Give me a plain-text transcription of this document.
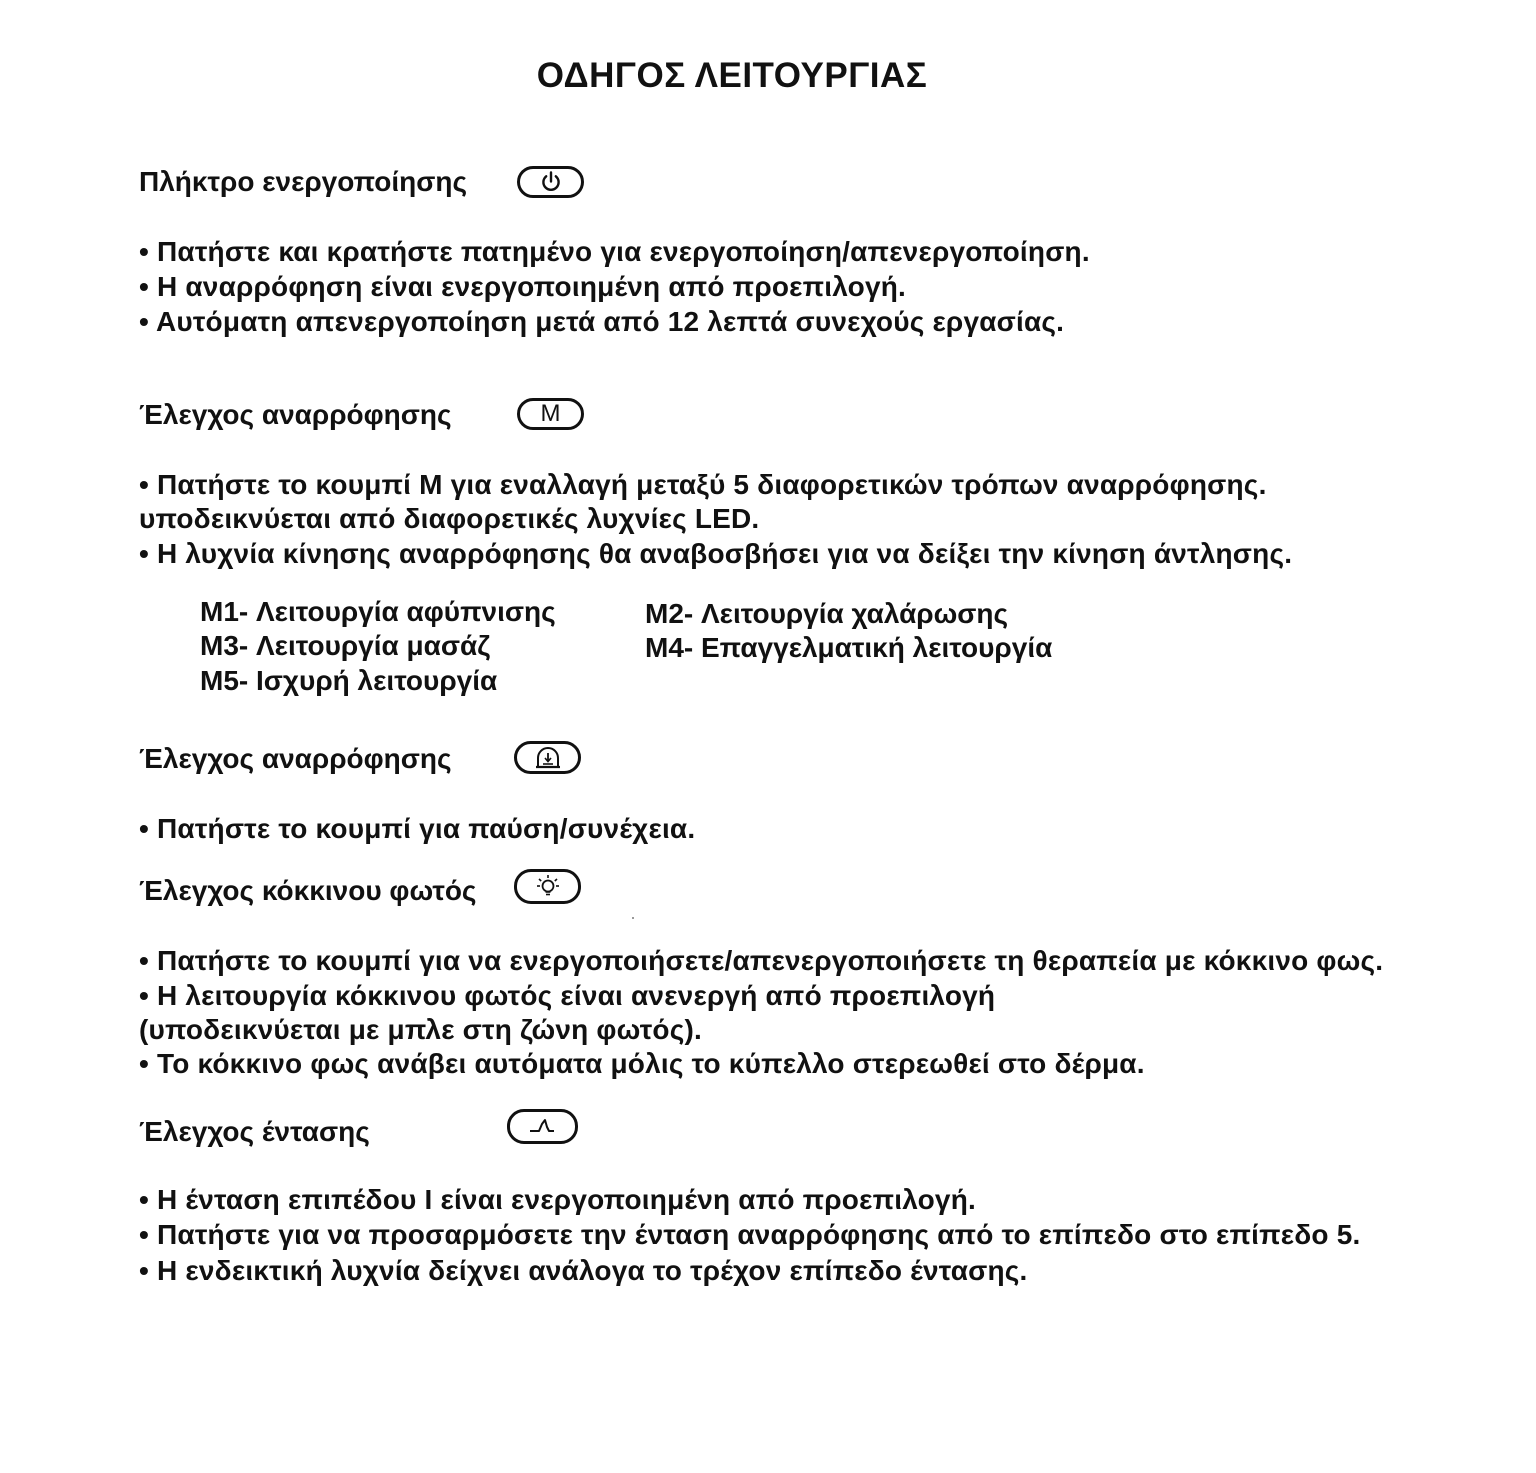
ΟΔΗΓΟΣ ΛΕΙΤΟΥΡΓΙΑΣ
Πλήκτρο ενεργοποίησης
• Πατήστε και κρατήστε πατημένο για ενεργοποίηση/απενεργοποίηση.
• Η αναρρόφηση είναι ενεργοποιημένη από προεπιλογή.
• Αυτόματη απενεργοποίηση μετά από 12 λεπτά συνεχούς εργασίας.
Έλεγχος αναρρόφησης	M
• Πατήστε το κουμπί M για εναλλαγή μεταξύ 5 διαφορετικών τρόπων αναρρόφησης.
υποδεικνύεται από διαφορετικές λυχνίες LED.
• Η λυχνία κίνησης αναρρόφησης θα αναβοσβήσει για να δείξει την κίνηση άντλησης.
M1- Λειτουργία αφύπνισης	M2- Λειτουργία χαλάρωσης
M3- Λειτουργία μασάζ	M4- Επαγγελματική λειτουργία
M5- Ισχυρή λειτουργία
Έλεγχος αναρρόφησης
• Πατήστε το κουμπί για παύση/συνέχεια.
Έλεγχος κόκκινου φωτός
• Πατήστε το κουμπί για να ενεργοποιήσετε/απενεργοποιήσετε τη θεραπεία με κόκκινο φως.
• Η λειτουργία κόκκινου φωτός είναι ανενεργή από προεπιλογή
(υποδεικνύεται με μπλε στη ζώνη φωτός).
• Το κόκκινο φως ανάβει αυτόματα μόλις το κύπελλο στερεωθεί στο δέρμα.
Έλεγχος έντασης
• Η ένταση επιπέδου I είναι ενεργοποιημένη από προεπιλογή.
• Πατήστε για να προσαρμόσετε την ένταση αναρρόφησης από το επίπεδο στο επίπεδο 5.
• Η ενδεικτική λυχνία δείχνει ανάλογα το τρέχον επίπεδο έντασης.
